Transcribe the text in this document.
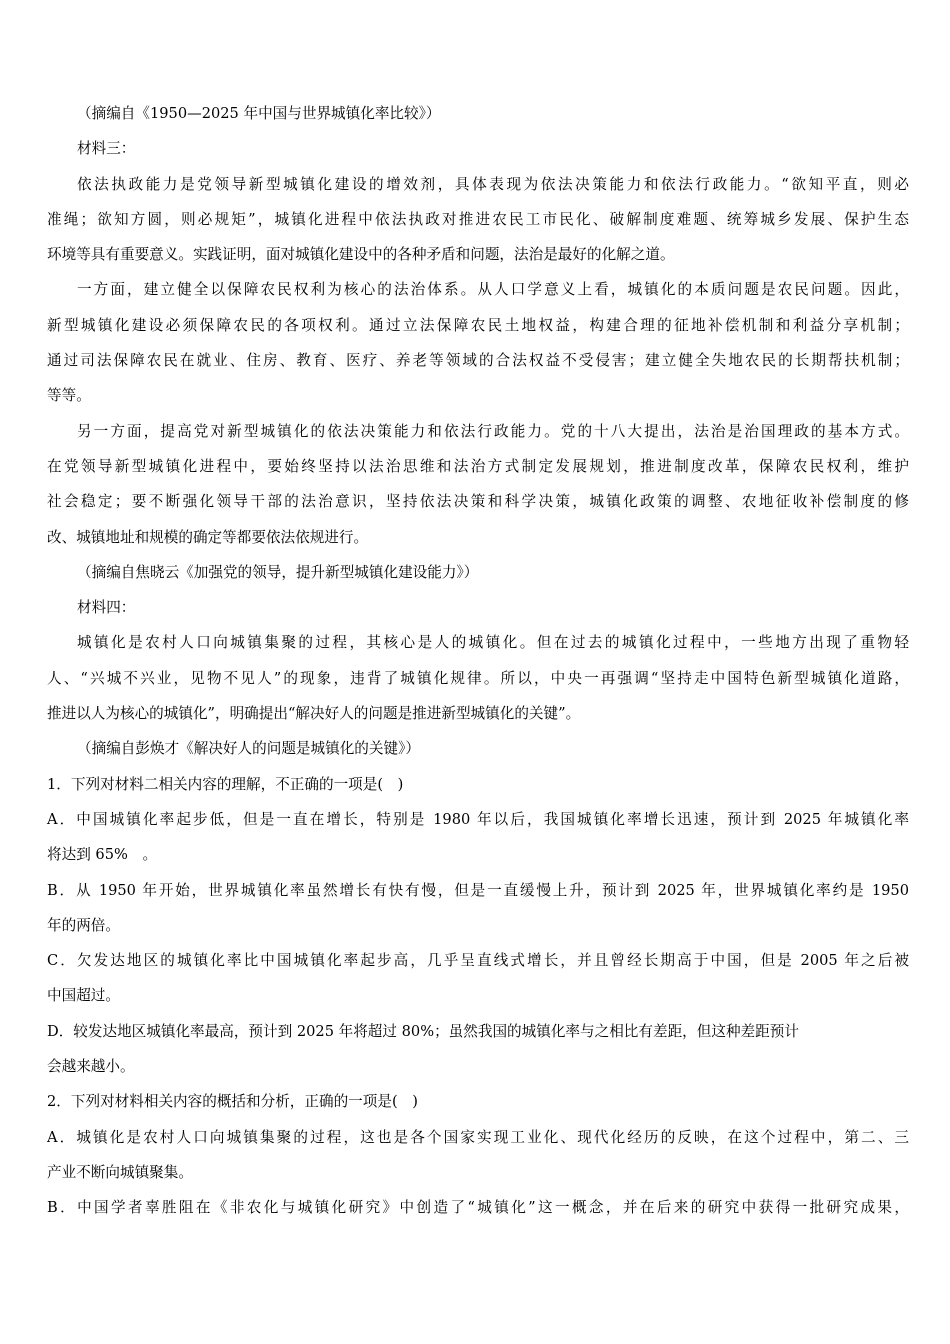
（摘编自《1950—2025 年中国与世界城镇化率比较》）
材料三：
依法执政能力是党领导新型城镇化建设的增效剂，具体表现为依法决策能力和依法行政能力。“欲知平直，则必
准绳；欲知方圆，则必规矩”，城镇化进程中依法执政对推进农民工市民化、破解制度难题、统筹城乡发展、保护生态
环境等具有重要意义。实践证明，面对城镇化建设中的各种矛盾和问题，法治是最好的化解之道。
一方面，建立健全以保障农民权利为核心的法治体系。从人口学意义上看，城镇化的本质问题是农民问题。因此，
新型城镇化建设必须保障农民的各项权利。通过立法保障农民土地权益，构建合理的征地补偿机制和利益分享机制；
通过司法保障农民在就业、住房、教育、医疗、养老等领域的合法权益不受侵害；建立健全失地农民的长期帮扶机制；
等等。
另一方面，提高党对新型城镇化的依法决策能力和依法行政能力。党的十八大提出，法治是治国理政的基本方式。
在党领导新型城镇化进程中，要始终坚持以法治思维和法治方式制定发展规划，推进制度改革，保障农民权利，维护
社会稳定；要不断强化领导干部的法治意识，坚持依法决策和科学决策，城镇化政策的调整、农地征收补偿制度的修
改、城镇地址和规模的确定等都要依法依规进行。
（摘编自焦晓云《加强党的领导，提升新型城镇化建设能力》）
材料四：
城镇化是农村人口向城镇集聚的过程，其核心是人的城镇化。但在过去的城镇化过程中，一些地方出现了重物轻
人、“兴城不兴业，见物不见人”的现象，违背了城镇化规律。所以，中央一再强调“坚持走中国特色新型城镇化道路，
推进以人为核心的城镇化”，明确提出“解决好人的问题是推进新型城镇化的关键”。
（摘编自彭焕才《解决好人的问题是城镇化的关键》）
1．下列对材料二相关内容的理解，不正确的一项是(　)
A．中国城镇化率起步低，但是一直在增长，特别是 1980 年以后，我国城镇化率增长迅速，预计到 2025 年城镇化率
将达到 65%　。
B．从 1950 年开始，世界城镇化率虽然增长有快有慢，但是一直缓慢上升，预计到 2025 年，世界城镇化率约是 1950
年的两倍。
C．欠发达地区的城镇化率比中国城镇化率起步高，几乎呈直线式增长，并且曾经长期高于中国，但是 2005 年之后被
中国超过。
D．较发达地区城镇化率最高，预计到 2025 年将超过 80%；虽然我国的城镇化率与之相比有差距，但这种差距预计
会越来越小。
2．下列对材料相关内容的概括和分析，正确的一项是(　)
A．城镇化是农村人口向城镇集聚的过程，这也是各个国家实现工业化、现代化经历的反映，在这个过程中，第二、三
产业不断向城镇聚集。
B．中国学者辜胜阻在《非农化与城镇化研究》中创造了“城镇化”这一概念，并在后来的研究中获得一批研究成果，
